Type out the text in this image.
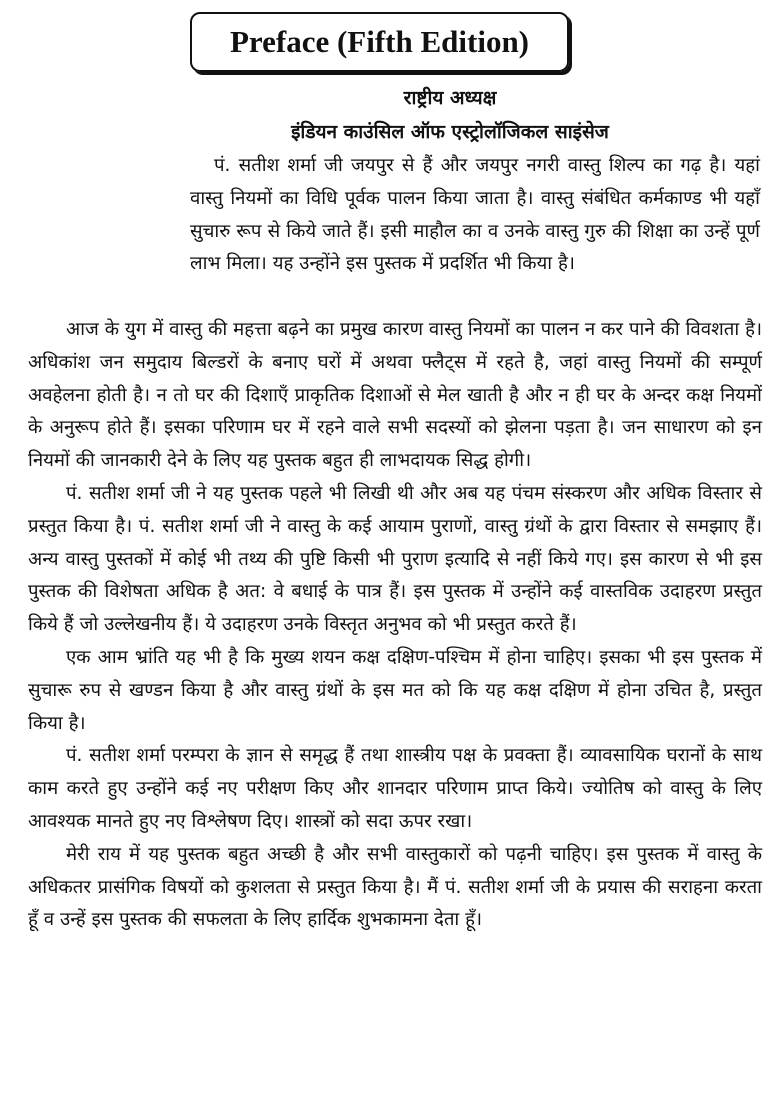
Preface (Fifth Edition)
राष्ट्रीय अध्यक्ष
इंडियन काउंसिल ऑफ एस्ट्रोलॉजिकल साइंसेज

पं. सतीश शर्मा जी जयपुर से हैं और जयपुर नगरी वास्तु शिल्प का गढ़ है। यहां वास्तु नियमों का विधि पूर्वक पालन किया जाता है। वास्तु संबंधित कर्मकाण्ड भी यहाँ सुचारु रूप से किये जाते हैं। इसी माहौल का व उनके वास्तु गुरु की शिक्षा का उन्हें पूर्ण लाभ मिला। यह उन्होंने इस पुस्तक में प्रदर्शित भी किया है।

आज के युग में वास्तु की महत्ता बढ़ने का प्रमुख कारण वास्तु नियमों का पालन न कर पाने की विवशता है। अधिकांश जन समुदाय बिल्डरों के बनाए घरों में अथवा फ्लैट्स में रहते है, जहां वास्तु नियमों की सम्पूर्ण अवहेलना होती है। न तो घर की दिशाएँ प्राकृतिक दिशाओं से मेल खाती है और न ही घर के अन्दर कक्ष नियमों के अनुरूप होते हैं। इसका परिणाम घर में रहने वाले सभी सदस्यों को झेलना पड़ता है। जन साधारण को इन नियमों की जानकारी देने के लिए यह पुस्तक बहुत ही लाभदायक सिद्ध होगी।

पं. सतीश शर्मा जी ने यह पुस्तक पहले भी लिखी थी और अब यह पंचम संस्करण और अधिक विस्तार से प्रस्तुत किया है। पं. सतीश शर्मा जी ने वास्तु के कई आयाम पुराणों, वास्तु ग्रंथों के द्वारा विस्तार से समझाए हैं। अन्य वास्तु पुस्तकों में कोई भी तथ्य की पुष्टि किसी भी पुराण इत्यादि से नहीं किये गए। इस कारण से भी इस पुस्तक की विशेषता अधिक है अत: वे बधाई के पात्र हैं। इस पुस्तक में उन्होंने कई वास्तविक उदाहरण प्रस्तुत किये हैं जो उल्लेखनीय हैं। ये उदाहरण उनके विस्तृत अनुभव को भी प्रस्तुत करते हैं।

एक आम भ्रांति यह भी है कि मुख्य शयन कक्ष दक्षिण-पश्चिम में होना चाहिए। इसका भी इस पुस्तक में सुचारू रुप से खण्डन किया है और वास्तु ग्रंथों के इस मत को कि यह कक्ष दक्षिण में होना उचित है, प्रस्तुत किया है।

पं. सतीश शर्मा परम्परा के ज्ञान से समृद्ध हैं तथा शास्त्रीय पक्ष के प्रवक्ता हैं। व्यावसायिक घरानों के साथ काम करते हुए उन्होंने कई नए परीक्षण किए और शानदार परिणाम प्राप्त किये। ज्योतिष को वास्तु के लिए आवश्यक मानते हुए नए विश्लेषण दिए। शास्त्रों को सदा ऊपर रखा।

मेरी राय में यह पुस्तक बहुत अच्छी है और सभी वास्तुकारों को पढ़नी चाहिए। इस पुस्तक में वास्तु के अधिकतर प्रासंगिक विषयों को कुशलता से प्रस्तुत किया है। मैं पं. सतीश शर्मा जी के प्रयास की सराहना करता हूँ व उन्हें इस पुस्तक की सफलता के लिए हार्दिक शुभकामना देता हूँ।
